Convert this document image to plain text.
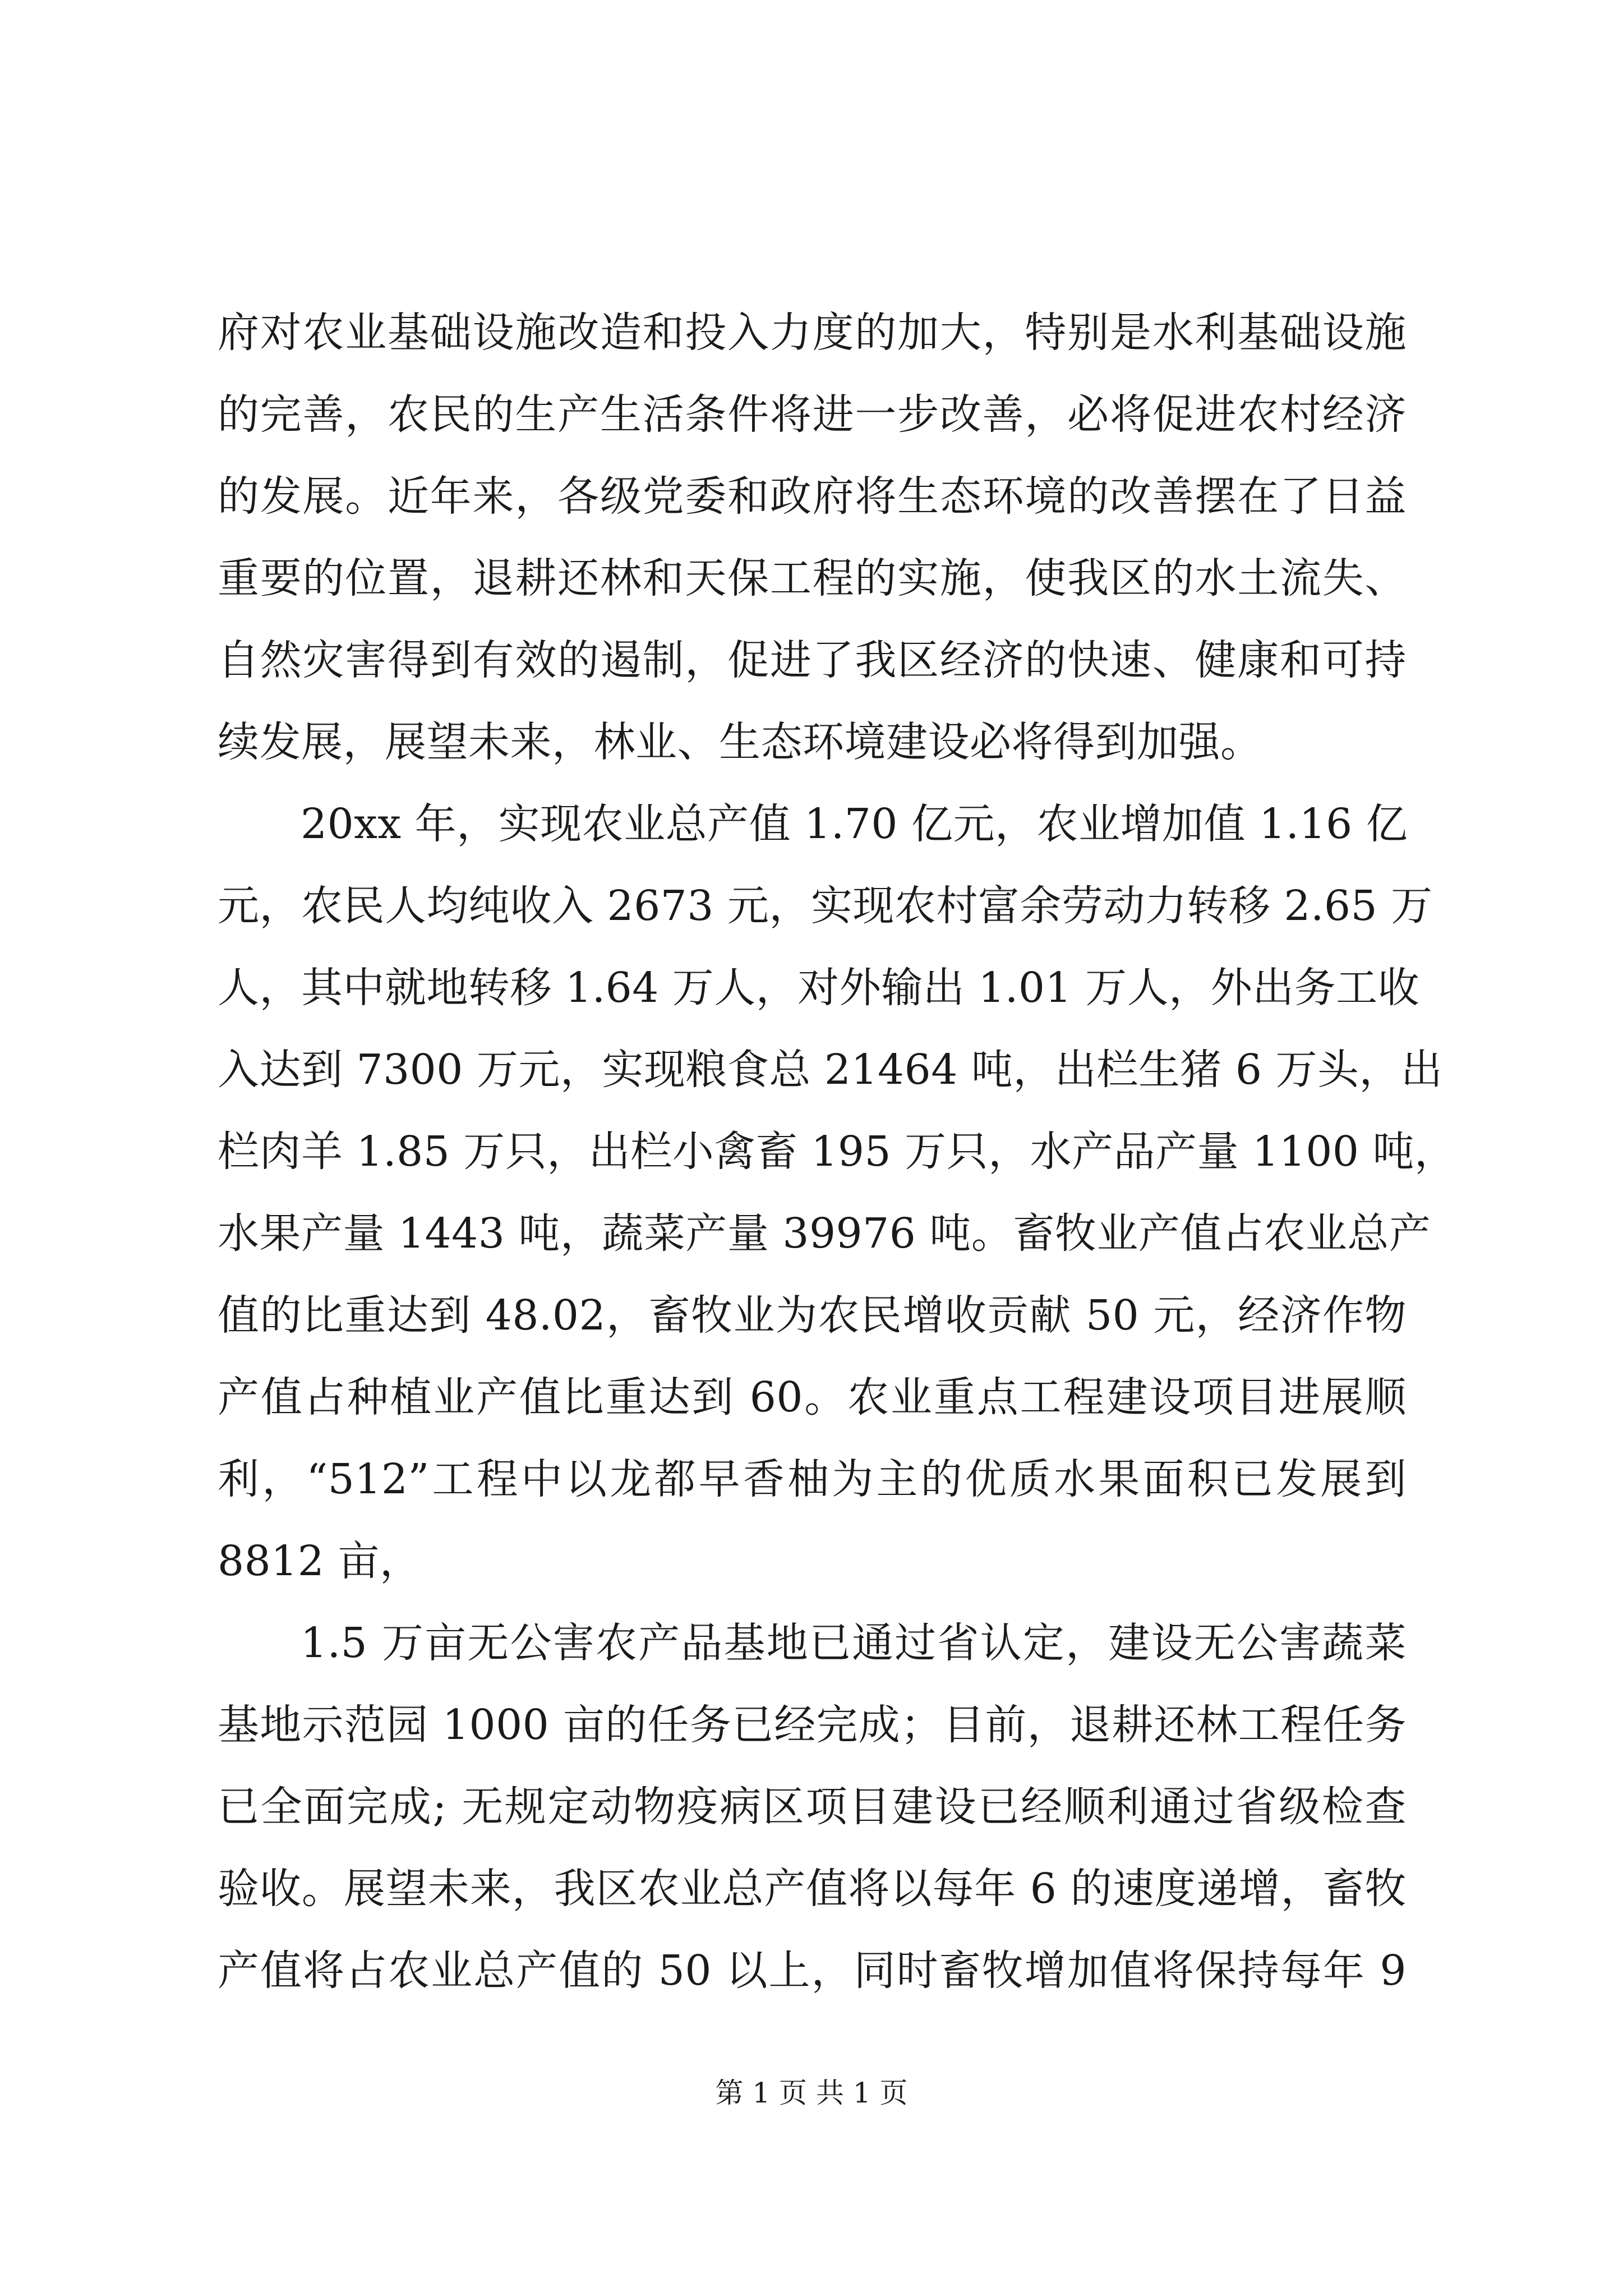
府对农业基础设施改造和投入力度的加大，特别是水利基础设施
的完善，农民的生产生活条件将进一步改善，必将促进农村经济
的发展。近年来，各级党委和政府将生态环境的改善摆在了日益
重要的位置，退耕还林和天保工程的实施，使我区的水土流失、
自然灾害得到有效的遏制，促进了我区经济的快速、健康和可持
续发展，展望未来，林业、生态环境建设必将得到加强。
20xx 年，实现农业总产值 1.70 亿元，农业增加值 1.16 亿
元，农民人均纯收入 2673 元，实现农村富余劳动力转移 2.65 万
人，其中就地转移 1.64 万人，对外输出 1.01 万人，外出务工收
入达到 7300 万元，实现粮食总 21464 吨，出栏生猪 6 万头，出
栏肉羊 1.85 万只，出栏小禽畜 195 万只，水产品产量 1100 吨，
水果产量 1443 吨，蔬菜产量 39976 吨。畜牧业产值占农业总产
值的比重达到 48.02，畜牧业为农民增收贡献 50 元，经济作物
产值占种植业产值比重达到 60。农业重点工程建设项目进展顺
利，“512”工程中以龙都早香柚为主的优质水果面积已发展到
8812 亩，
1.5 万亩无公害农产品基地已通过省认定，建设无公害蔬菜
基地示范园 1000 亩的任务已经完成；目前，退耕还林工程任务
已全面完成; 无规定动物疫病区项目建设已经顺利通过省级检查
验收。展望未来，我区农业总产值将以每年 6 的速度递增，畜牧
产值将占农业总产值的 50 以上，同时畜牧增加值将保持每年 9
第 1 页 共 1 页
